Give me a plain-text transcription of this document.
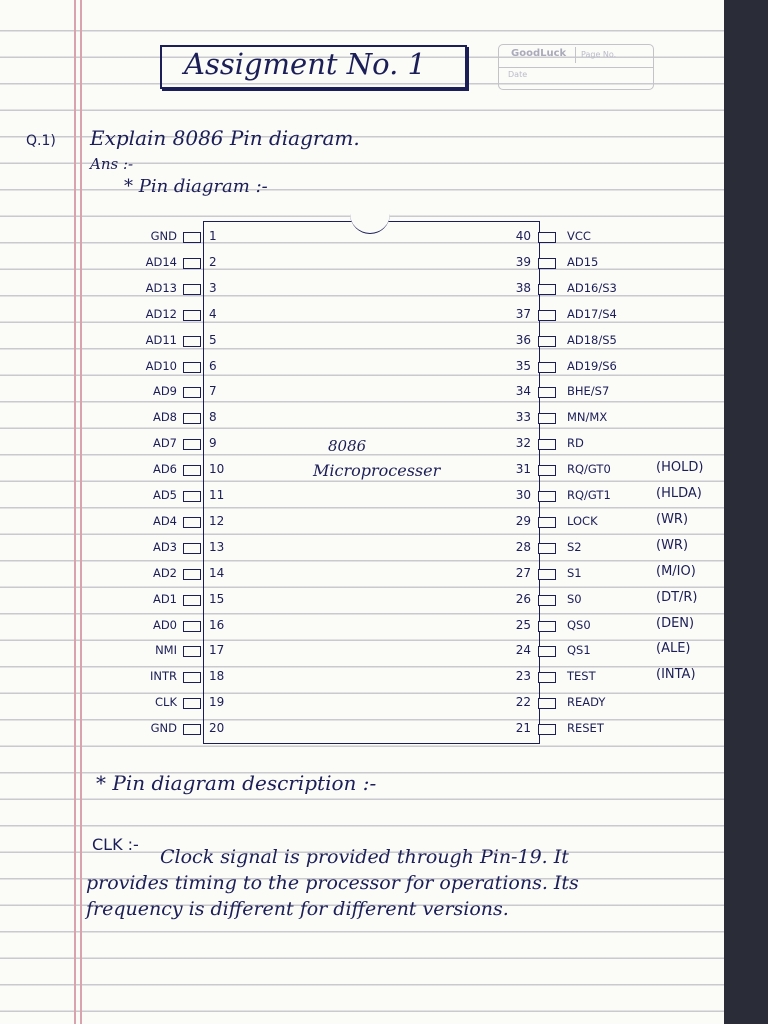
Assigment No. 1	GoodLuck Page No.
Date
Q.1) Explain 8086 Pin diagram.
Ans :-
* Pin diagram :-
8086
Microprocesser
* Pin diagram description :-
CLK :-
Clock signal is provided through Pin-19. It
provides timing to the processor for operations. Its
frequency is different for different versions.
GND	1
AD14	2
AD13	3
AD12	4
AD11	5
AD10	6
AD9	7
AD8	8
AD7	9
AD6	10
AD5	11
AD4	12
AD3	13
AD2	14
AD1	15
AD0	16
NMI	17
INTR	18
CLK	19
GND	20
40	VCC
39	AD15
38	AD16/S3
37	AD17/S4
36	AD18/S5
35	AD19/S6
34	BHE/S7
33	MN/MX
32	RD
31	RQ/GT0	(HOLD)
30	RQ/GT1	(HLDA)
29	LOCK	(WR)
28	S2	(WR)
27	S1	(M/IO)
26	S0	(DT/R)
25	QS0	(DEN)
24	QS1	(ALE)
23	TEST	(INTA)
22	READY
21	RESET
